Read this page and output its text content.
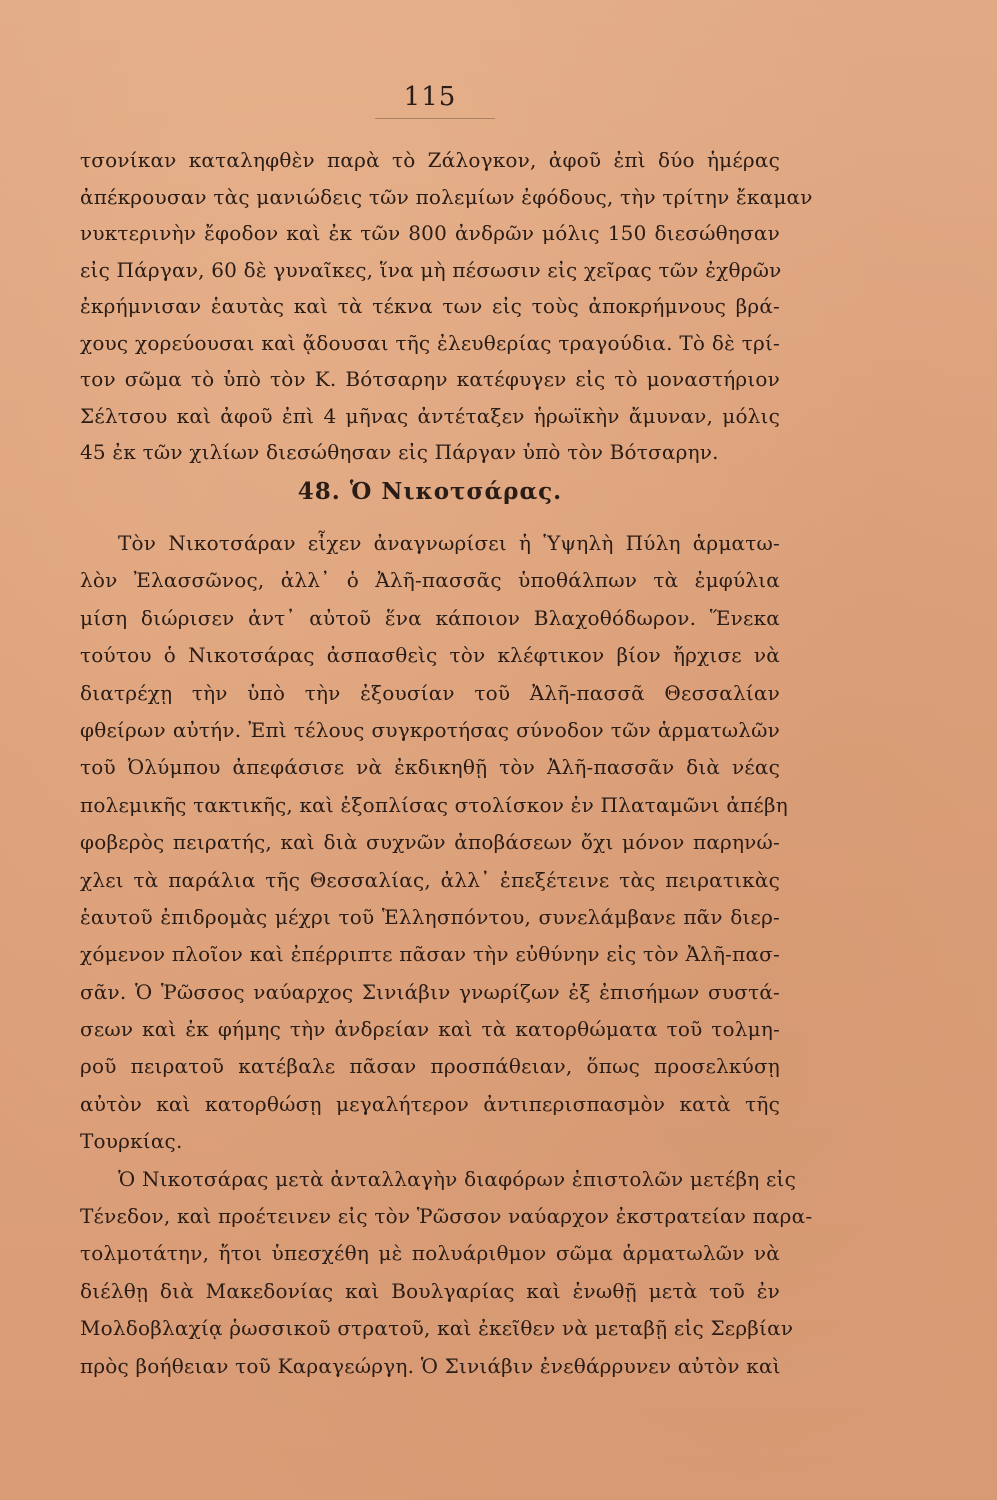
115
τσονίκαν καταληφθὲν παρὰ τὸ Ζάλογκον, ἀφοῦ ἐπὶ δύο ἡμέρας
ἀπέκρουσαν τὰς μανιώδεις τῶν πολεμίων ἐφόδους, τὴν τρίτην ἔκαμαν
νυκτερινὴν ἔφοδον καὶ ἐκ τῶν 800 ἀνδρῶν μόλις 150 διεσώθησαν
εἰς Πάργαν, 60 δὲ γυναῖκες, ἵνα μὴ πέσωσιν εἰς χεῖρας τῶν ἐχθρῶν
ἐκρήμνισαν ἑαυτὰς καὶ τὰ τέκνα των εἰς τοὺς ἀποκρήμνους βρά-
χους χορεύουσαι καὶ ᾄδουσαι τῆς ἐλευθερίας τραγούδια. Τὸ δὲ τρί-
τον σῶμα τὸ ὑπὸ τὸν Κ. Βότσαρην κατέφυγεν εἰς τὸ μοναστήριον
Σέλτσου καὶ ἀφοῦ ἐπὶ 4 μῆνας ἀντέταξεν ἡρωϊκὴν ἄμυναν, μόλις
45 ἐκ τῶν χιλίων διεσώθησαν εἰς Πάργαν ὑπὸ τὸν Βότσαρην.
48. Ὁ Νικοτσάρας.
Τὸν Νικοτσάραν εἶχεν ἀναγνωρίσει ἡ Ὑψηλὴ Πύλη ἁρματω-
λὸν Ἐλασσῶνος, ἀλλ᾽ ὁ Ἀλῆ-πασσᾶς ὑποθάλπων τὰ ἐμφύλια
μίση διώρισεν ἀντ᾽ αὐτοῦ ἕνα κάποιον Βλαχοθόδωρον. Ἕνεκα
τούτου ὁ Νικοτσάρας ἀσπασθεὶς τὸν κλέφτικον βίον ἤρχισε νὰ
διατρέχῃ τὴν ὑπὸ τὴν ἐξουσίαν τοῦ Ἀλῆ-πασσᾶ Θεσσαλίαν
φθείρων αὐτήν. Ἐπὶ τέλους συγκροτήσας σύνοδον τῶν ἁρματωλῶν
τοῦ Ὀλύμπου ἀπεφάσισε νὰ ἐκδικηθῇ τὸν Ἀλῆ-πασσᾶν διὰ νέας
πολεμικῆς τακτικῆς, καὶ ἐξοπλίσας στολίσκον ἐν Πλαταμῶνι ἀπέβη
φοβερὸς πειρατής, καὶ διὰ συχνῶν ἀποβάσεων ὄχι μόνον παρηνώ-
χλει τὰ παράλια τῆς Θεσσαλίας, ἀλλ᾽ ἐπεξέτεινε τὰς πειρατικὰς
ἑαυτοῦ ἐπιδρομὰς μέχρι τοῦ Ἑλλησπόντου, συνελάμβανε πᾶν διερ-
χόμενον πλοῖον καὶ ἐπέρριπτε πᾶσαν τὴν εὐθύνην εἰς τὸν Ἀλῆ-πασ-
σᾶν. Ὁ Ῥῶσσος ναύαρχος Σινιάβιν γνωρίζων ἐξ ἐπισήμων συστά-
σεων καὶ ἐκ φήμης τὴν ἀνδρείαν καὶ τὰ κατορθώματα τοῦ τολμη-
ροῦ πειρατοῦ κατέβαλε πᾶσαν προσπάθειαν, ὅπως προσελκύσῃ
αὐτὸν καὶ κατορθώσῃ μεγαλήτερον ἀντιπερισπασμὸν κατὰ τῆς
Τουρκίας.
Ὁ Νικοτσάρας μετὰ ἀνταλλαγὴν διαφόρων ἐπιστολῶν μετέβη εἰς
Τένεδον, καὶ προέτεινεν εἰς τὸν Ῥῶσσον ναύαρχον ἐκστρατείαν παρα-
τολμοτάτην, ἤτοι ὑπεσχέθη μὲ πολυάριθμον σῶμα ἁρματωλῶν νὰ
διέλθῃ διὰ Μακεδονίας καὶ Βουλγαρίας καὶ ἑνωθῇ μετὰ τοῦ ἐν
Μολδοβλαχίᾳ ῥωσσικοῦ στρατοῦ, καὶ ἐκεῖθεν νὰ μεταβῇ εἰς Σερβίαν
πρὸς βοήθειαν τοῦ Καραγεώργη. Ὁ Σινιάβιν ἐνεθάρρυνεν αὐτὸν καὶ
